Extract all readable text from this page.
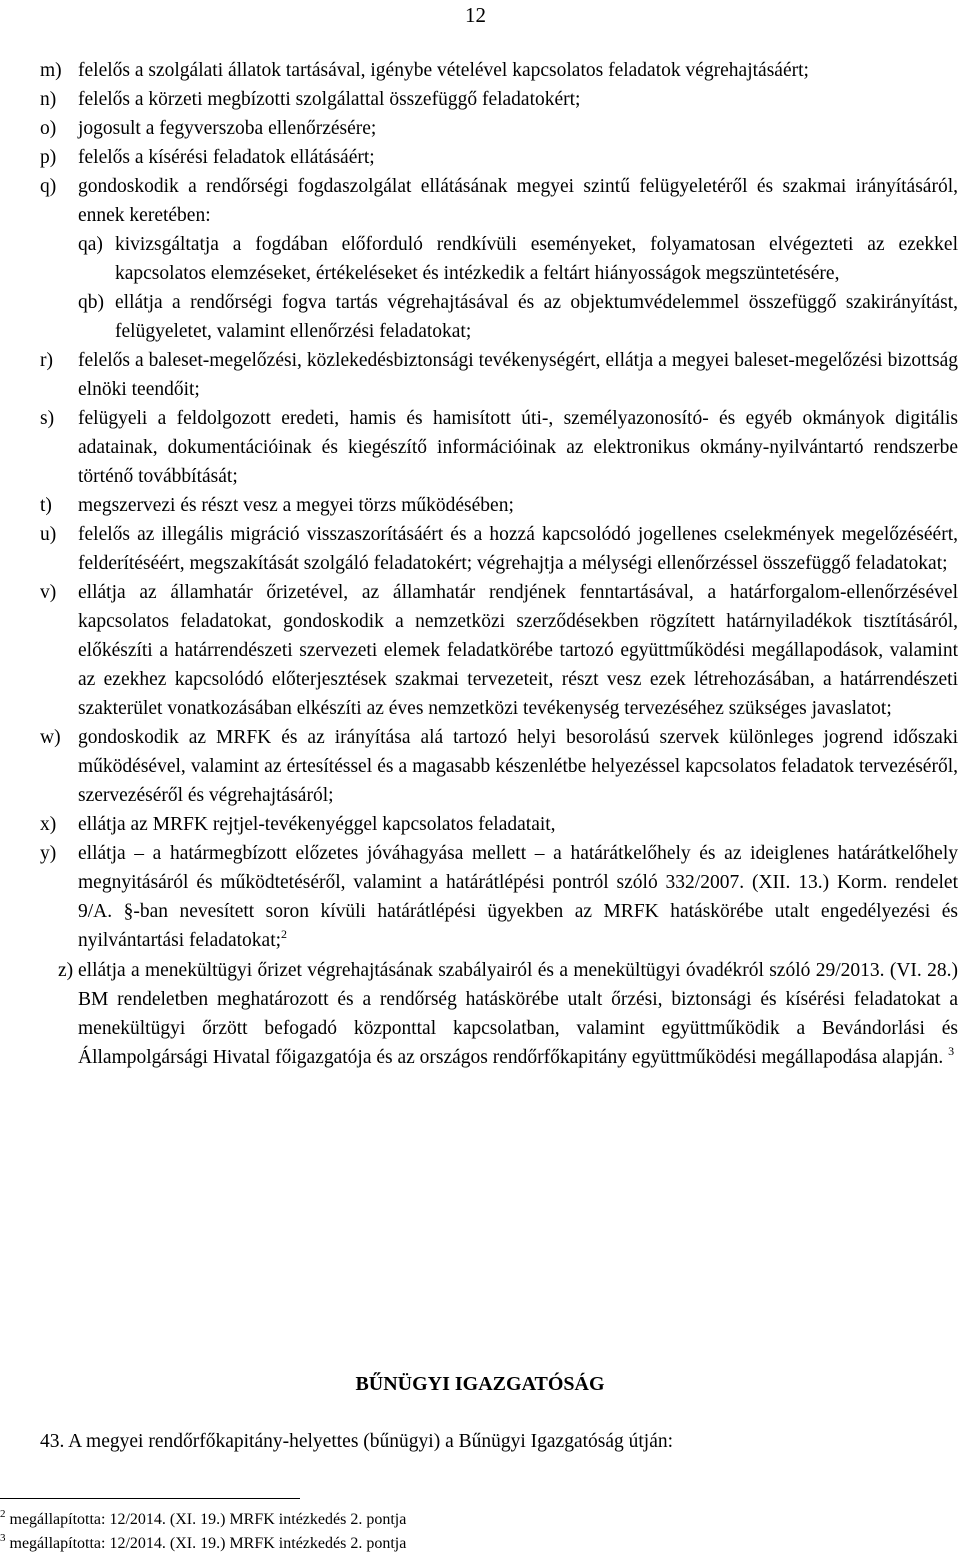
12
m) felelős a szolgálati állatok tartásával, igénybe vételével kapcsolatos feladatok végrehajtásáért;
n) felelős a körzeti megbízotti szolgálattal összefüggő feladatokért;
o) jogosult a fegyverszoba ellenőrzésére;
p) felelős a kísérési feladatok ellátásáért;
q) gondoskodik a rendőrségi fogdaszolgálat ellátásának megyei szintű felügyeletéről és szakmai irányításáról, ennek keretében:
qa) kivizsgáltatja a fogdában előforduló rendkívüli eseményeket, folyamatosan elvégezteti az ezekkel kapcsolatos elemzéseket, értékeléseket és intézkedik a feltárt hiányosságok megszüntetésére,
qb) ellátja a rendőrségi fogva tartás végrehajtásával és az objektumvédelemmel összefüggő szakirányítást, felügyeletet, valamint ellenőrzési feladatokat;
r) felelős a baleset-megelőzési, közlekedésbiztonsági tevékenységért, ellátja a megyei baleset-megelőzési bizottság elnöki teendőit;
s) felügyeli a feldolgozott eredeti, hamis és hamisított úti-, személyazonosító- és egyéb okmányok digitális adatainak, dokumentációinak és kiegészítő információinak az elektronikus okmány-nyilvántartó rendszerbe történő továbbítását;
t) megszervezi és részt vesz a megyei törzs működésében;
u) felelős az illegális migráció visszaszorításáért és a hozzá kapcsolódó jogellenes cselekmények megelőzéséért, felderítéséért, megszakítását szolgáló feladatokért; végrehajtja a mélységi ellenőrzéssel összefüggő feladatokat;
v) ellátja az államhatár őrizetével, az államhatár rendjének fenntartásával, a határforgalom-ellenőrzésével kapcsolatos feladatokat, gondoskodik a nemzetközi szerződésekben rögzített határnyiladékok tisztításáról, előkészíti a határrendészeti szervezeti elemek feladatkörébe tartozó együttműködési megállapodások, valamint az ezekhez kapcsolódó előterjesztések szakmai tervezeteit, részt vesz ezek létrehozásában, a határrendészeti szakterület vonatkozásában elkészíti az éves nemzetközi tevékenység tervezéséhez szükséges javaslatot;
w) gondoskodik az MRFK és az irányítása alá tartozó helyi besorolású szervek különleges jogrend időszaki működésével, valamint az értesítéssel és a magasabb készenlétbe helyezéssel kapcsolatos feladatok tervezéséről, szervezéséről és végrehajtásáról;
x) ellátja az MRFK rejtjel-tevékenyéggel kapcsolatos feladatait,
y) ellátja – a határmegbízott előzetes jóváhagyása mellett – a határátkelőhely és az ideiglenes határátkelőhely megnyitásáról és működtetéséről, valamint a határátlépési pontról szóló 332/2007. (XII. 13.) Korm. rendelet 9/A. §-ban nevesített soron kívüli határátlépési ügyekben az MRFK hatáskörébe utalt engedélyezési és nyilvántartási feladatokat;$^2$
z) ellátja a menekültügyi őrizet végrehajtásának szabályairól és a menekültügyi óvadékról szóló 29/2013. (VI. 28.) BM rendeletben meghatározott és a rendőrség hatáskörébe utalt őrzési, biztonsági és kísérési feladatokat a menekültügyi őrzött befogadó központtal kapcsolatban, valamint együttműködik a Bevándorlási és Állampolgársági Hivatal főigazgatója és az országos rendőrfőkapitány együttműködési megállapodása alapján. $^3$
BŰNÜGYI IGAZGATÓSÁG
43. A megyei rendőrfőkapitány-helyettes (bűnügyi) a Bűnügyi Igazgatóság útján:
$^2$ megállapította: 12/2014. (XI. 19.) MRFK intézkedés 2. pontja
$^3$ megállapította: 12/2014. (XI. 19.) MRFK intézkedés 2. pontja
